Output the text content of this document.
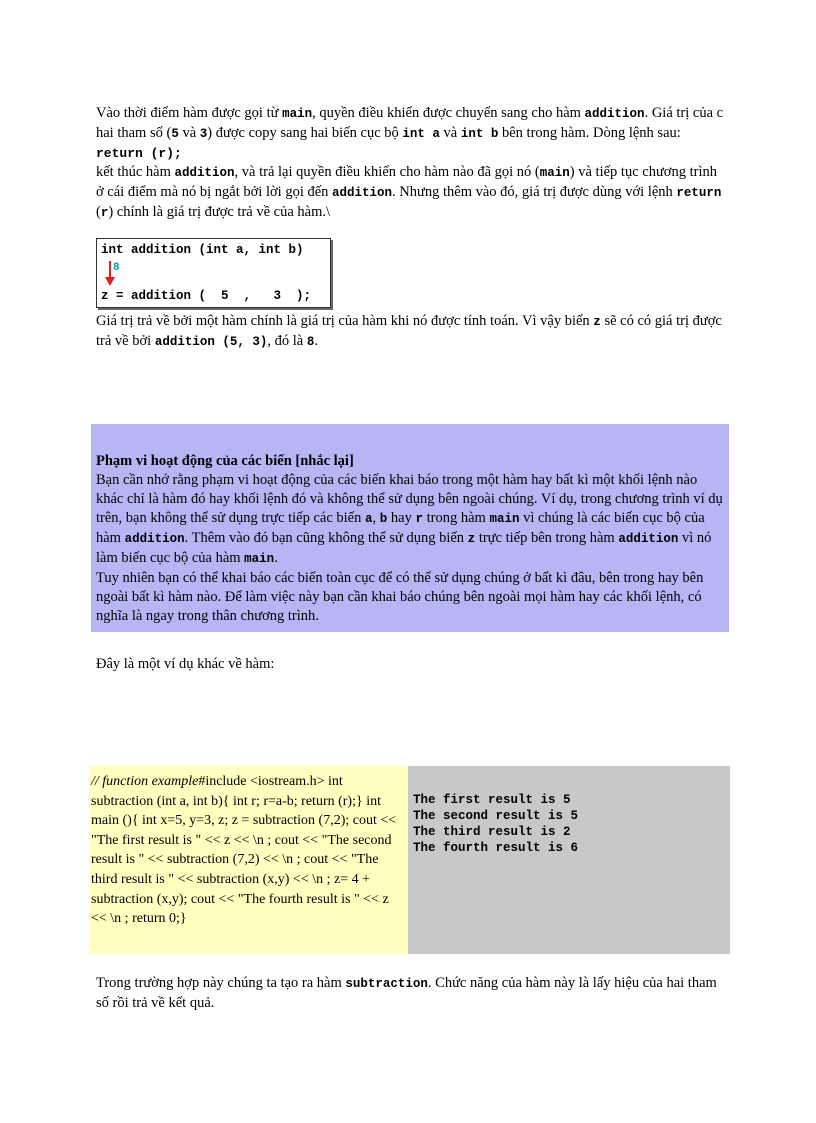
Vào thời điểm hàm được gọi từ main, quyền điều khiển được chuyển sang cho hàm addition. Giá trị của c hai tham số (5 và 3) được copy sang hai biến cục bộ int a và int b bên trong hàm. Dòng lệnh sau:

return (r);

kết thúc hàm addition, và trả lại quyền điều khiển cho hàm nào đã gọi nó (main) và tiếp tục chương trình ở cái điểm mà nó bị ngắt bởi lời gọi đến addition. Nhưng thêm vào đó, giá trị được dùng với lệnh return (r) chính là giá trị được trả về của hàm.\

int addition (int a, int b)
8
z = addition (  5  ,   3  );

Giá trị trả về bởi một hàm chính là giá trị của hàm khi nó được tính toán. Vì vậy biến z sẽ có có giá trị được trả về bởi addition (5, 3), đó là 8.

Phạm vi hoạt động của các biến [nhắc lại]

Bạn cần nhớ rằng phạm vi hoạt động của các biến khai báo trong một hàm hay bất kì một khối lệnh nào khác chỉ là hàm đó hay khối lệnh đó và không thể sử dụng bên ngoài chúng. Ví dụ, trong chương trình ví dụ trên, bạn không thể sử dụng trực tiếp các biến a, b hay r trong hàm main vì chúng là các biến cục bộ của hàm addition. Thêm vào đó bạn cũng không thể sử dụng biến z trực tiếp bên trong hàm addition vì nó làm biến cục bộ của hàm main.

Tuy nhiên bạn có thể khai báo các biến toàn cục để có thể sử dụng chúng ở bất kì đâu, bên trong hay bên ngoài bất kì hàm nào. Để làm việc này bạn cần khai báo chúng bên ngoài mọi hàm hay các khối lệnh, có nghĩa là ngay trong thân chương trình.

Đây là một ví dụ khác về hàm:

// function example#include <iostream.h> int subtraction (int a, int b){ int r; r=a-b; return (r);} int main (){ int x=5, y=3, z; z = subtraction (7,2); cout << "The first result is " << z << \n ; cout << "The second result is " << subtraction (7,2) << \n ; cout << "The third result is " << subtraction (x,y) << \n ; z= 4 + subtraction (x,y); cout << "The fourth result is " << z << \n ; return 0;}
The first result is 5
The second result is 5
The third result is 2
The fourth result is 6

Trong trường hợp này chúng ta tạo ra hàm subtraction. Chức năng của hàm này là lấy hiệu của hai tham số rồi trả về kết quả.
